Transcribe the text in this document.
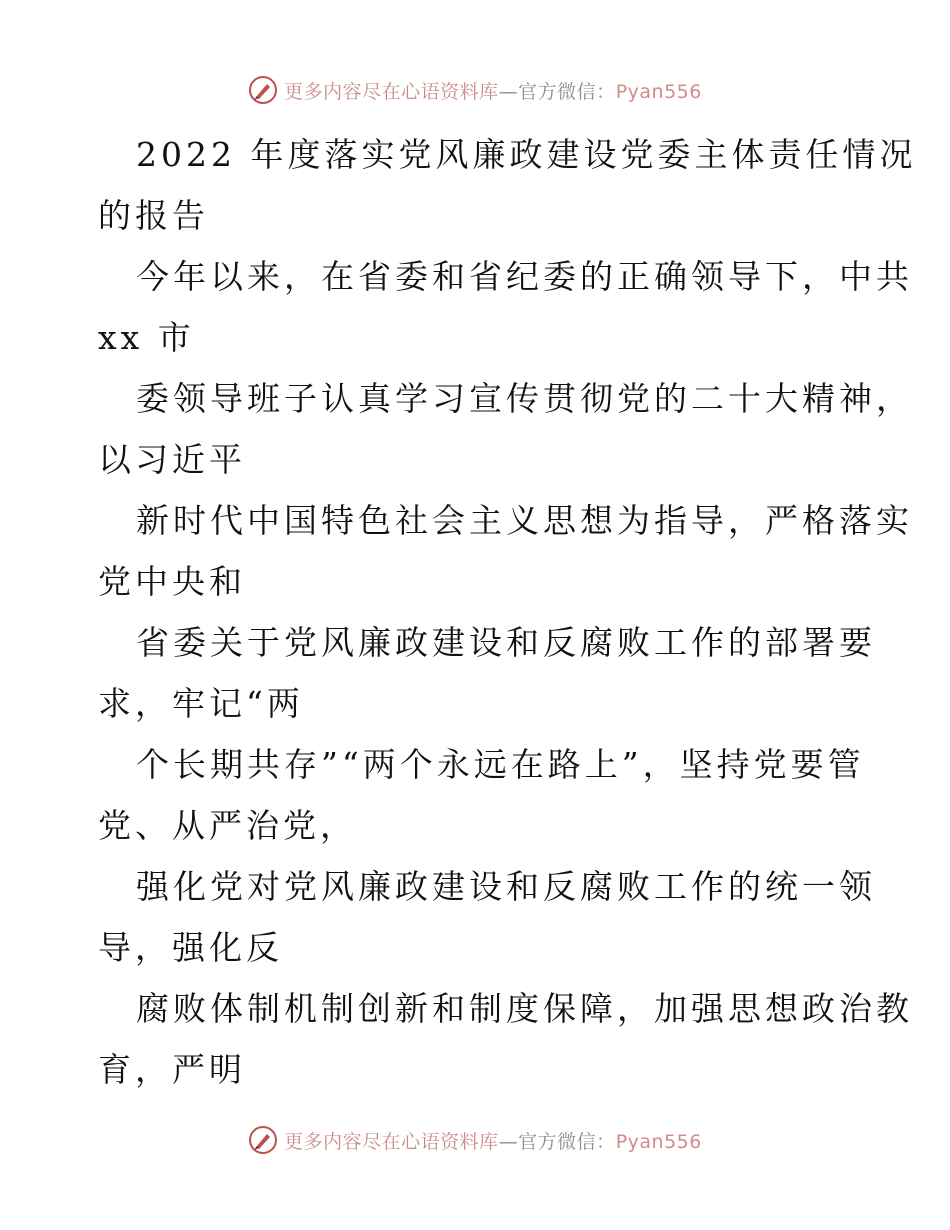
更多内容尽在心语资料库—官方微信：Pyan556
2022 年度落实党风廉政建设党委主体责任情况
的报告
今年以来，在省委和省纪委的正确领导下，中共
xx 市
委领导班子认真学习宣传贯彻党的二十大精神，
以习近平
新时代中国特色社会主义思想为指导，严格落实
党中央和
省委关于党风廉政建设和反腐败工作的部署要
求，牢记“两
个长期共存”“两个永远在路上”，坚持党要管
党、从严治党，
强化党对党风廉政建设和反腐败工作的统一领
导，强化反
腐败体制机制创新和制度保障，加强思想政治教
育，严明
更多内容尽在心语资料库—官方微信：Pyan556
